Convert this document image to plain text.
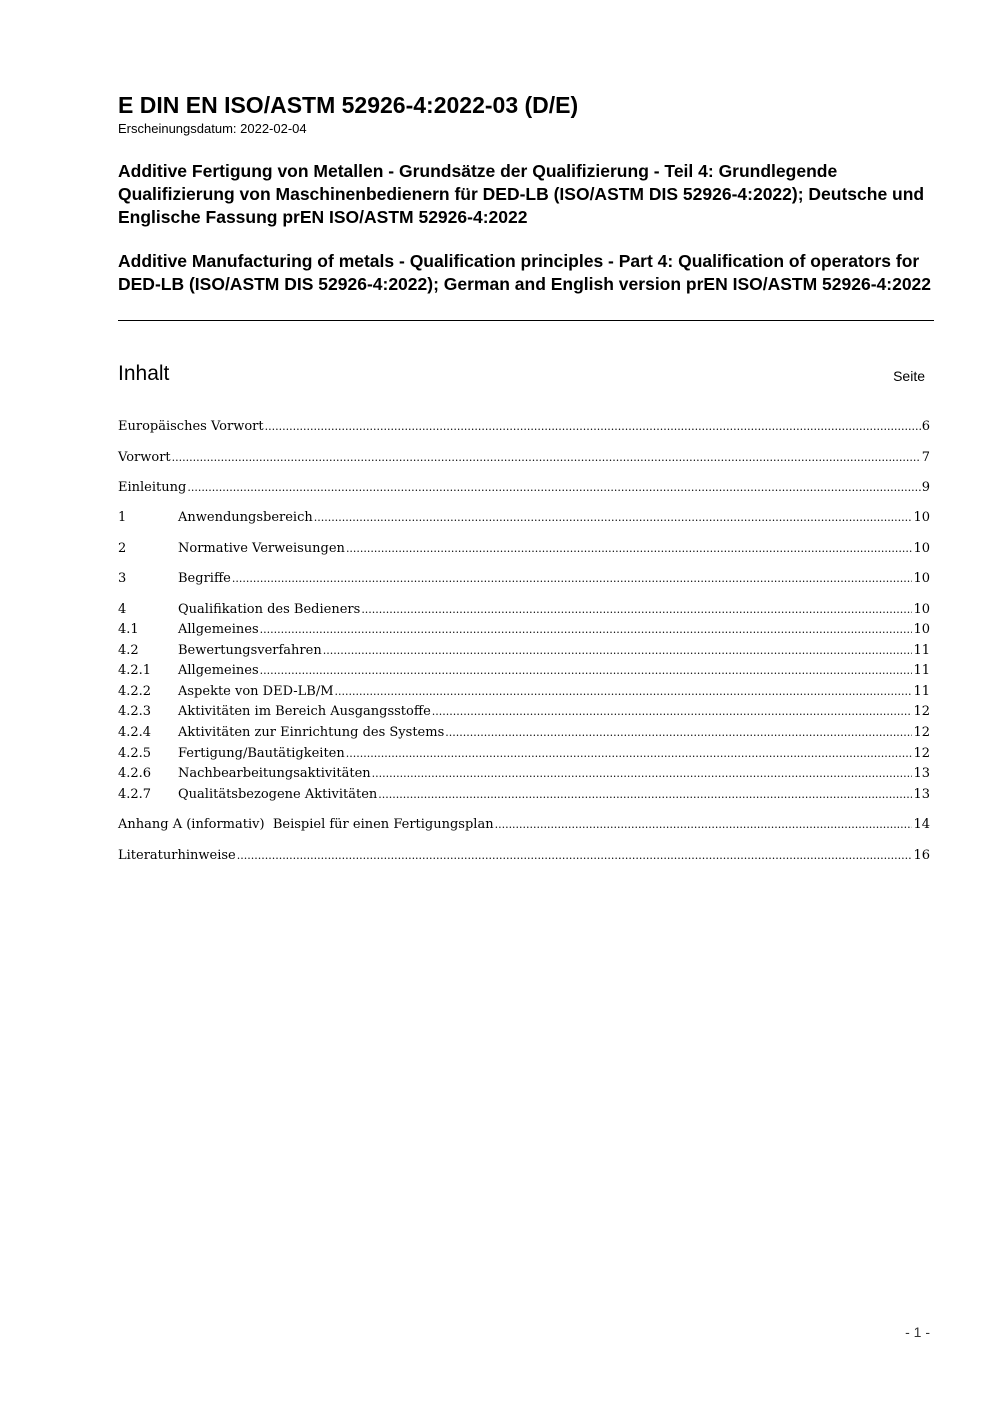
E DIN EN ISO/ASTM 52926-4:2022-03 (D/E)
Erscheinungsdatum: 2022-02-04
Additive Fertigung von Metallen - Grundsätze der Qualifizierung - Teil 4: Grundlegende Qualifizierung von Maschinenbedienern für DED-LB (ISO/ASTM DIS 52926-4:2022); Deutsche und Englische Fassung prEN ISO/ASTM 52926-4:2022
Additive Manufacturing of metals - Qualification principles - Part 4: Qualification of operators for DED-LB (ISO/ASTM DIS 52926-4:2022); German and English version prEN ISO/ASTM 52926-4:2022
Inhalt	Seite
Europäisches Vorwort .....	6
Vorwort .....	7
Einleitung .....	9
1	Anwendungsbereich .....	10
2	Normative Verweisungen .....	10
3	Begriffe .....	10
4	Qualifikation des Bedieners .....	10
4.1	Allgemeines .....	10
4.2	Bewertungsverfahren .....	11
4.2.1	Allgemeines .....	11
4.2.2	Aspekte von DED-LB/M .....	11
4.2.3	Aktivitäten im Bereich Ausgangsstoffe .....	12
4.2.4	Aktivitäten zur Einrichtung des Systems .....	12
4.2.5	Fertigung/Bautätigkeiten .....	12
4.2.6	Nachbearbeitungsaktivitäten .....	13
4.2.7	Qualitätsbezogene Aktivitäten .....	13
Anhang A (informativ)  Beispiel für einen Fertigungsplan .....	14
Literaturhinweise .....	16
- 1 -
